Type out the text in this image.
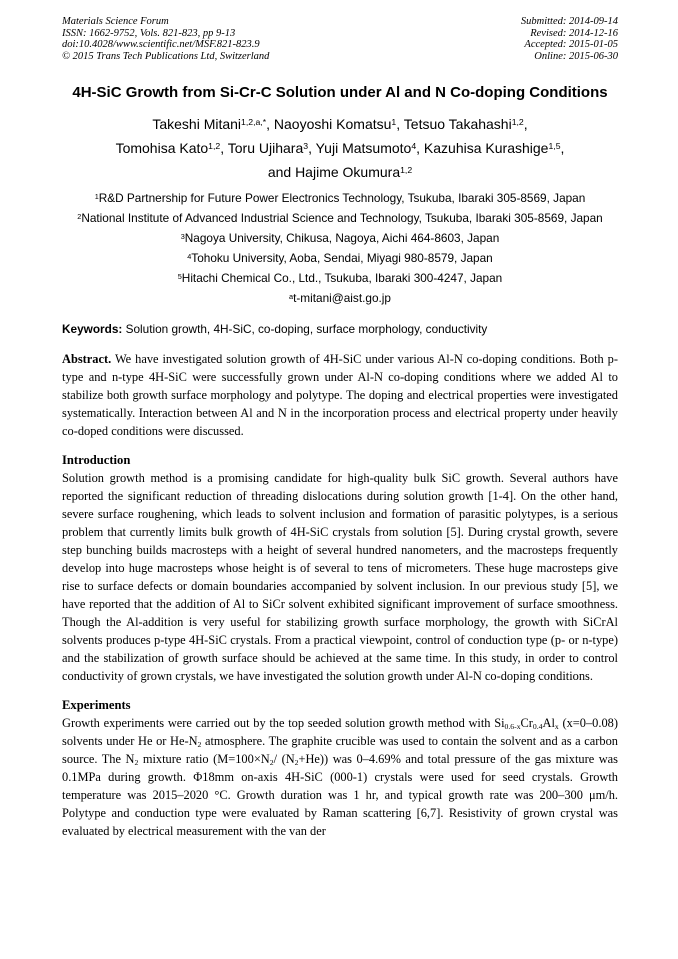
Materials Science Forum
ISSN: 1662-9752, Vols. 821-823, pp 9-13
doi:10.4028/www.scientific.net/MSF.821-823.9
© 2015 Trans Tech Publications Ltd, Switzerland
Submitted: 2014-09-14
Revised: 2014-12-16
Accepted: 2015-01-05
Online: 2015-06-30
4H-SiC Growth from Si-Cr-C Solution under Al and N Co-doping Conditions
Takeshi Mitani$^{1,2,a,*}$, Naoyoshi Komatsu$^1$, Tetsuo Takahashi$^{1,2}$,
Tomohisa Kato$^{1,2}$, Toru Ujihara$^3$, Yuji Matsumoto$^4$, Kazuhisa Kurashige$^{1,5}$,
and Hajime Okumura$^{1,2}$
$^1$R&D Partnership for Future Power Electronics Technology, Tsukuba, Ibaraki 305-8569, Japan
$^2$National Institute of Advanced Industrial Science and Technology, Tsukuba, Ibaraki 305-8569, Japan
$^3$Nagoya University, Chikusa, Nagoya, Aichi 464-8603, Japan
$^4$Tohoku University, Aoba, Sendai, Miyagi 980-8579, Japan
$^5$Hitachi Chemical Co., Ltd., Tsukuba, Ibaraki 300-4247, Japan
$^a$t-mitani@aist.go.jp

Keywords: Solution growth, 4H-SiC, co-doping, surface morphology, conductivity

Abstract. We have investigated solution growth of 4H-SiC under various Al-N co-doping conditions. Both p-type and n-type 4H-SiC were successfully grown under Al-N co-doping conditions where we added Al to stabilize both growth surface morphology and polytype. The doping and electrical properties were investigated systematically. Interaction between Al and N in the incorporation process and electrical property under heavily co-doped conditions were discussed.

Introduction

Solution growth method is a promising candidate for high-quality bulk SiC growth. Several authors have reported the significant reduction of threading dislocations during solution growth [1-4]. On the other hand, severe surface roughening, which leads to solvent inclusion and formation of parasitic polytypes, is a serious problem that currently limits bulk growth of 4H-SiC crystals from solution [5]. During crystal growth, severe step bunching builds macrosteps with a height of several hundred nanometers, and the macrosteps frequently develop into huge macrosteps whose height is of several to tens of micrometers. These huge macrosteps give rise to surface defects or domain boundaries accompanied by solvent inclusion. In our previous study [5], we have reported that the addition of Al to SiCr solvent exhibited significant improvement of surface smoothness. Though the Al-addition is very useful for stabilizing growth surface morphology, the growth with SiCrAl solvents produces p-type 4H-SiC crystals. From a practical viewpoint, control of conduction type (p- or n-type) and the stabilization of growth surface should be achieved at the same time. In this study, in order to control conductivity of grown crystals, we have investigated the solution growth under Al-N co-doping conditions.

Experiments

Growth experiments were carried out by the top seeded solution growth method with $Si_{0.6-x}Cr_{0.4}Al_x$ (x=0–0.08) solvents under He or $He-N_2$ atmosphere. The graphite crucible was used to contain the solvent and as a carbon source. The $N_2$ mixture ratio ($M=100\times N_2/$ $(N_2+He)$) was 0–4.69% and total pressure of the gas mixture was 0.1MPa during growth. Φ18mm on-axis 4H-SiC (000-1) crystals were used for seed crystals. Growth temperature was 2015–2020 °C. Growth duration was 1 hr, and typical growth rate was 200–300 μm/h. Polytype and conduction type were evaluated by Raman scattering [6,7]. Resistivity of grown crystal was evaluated by electrical measurement with the van der
